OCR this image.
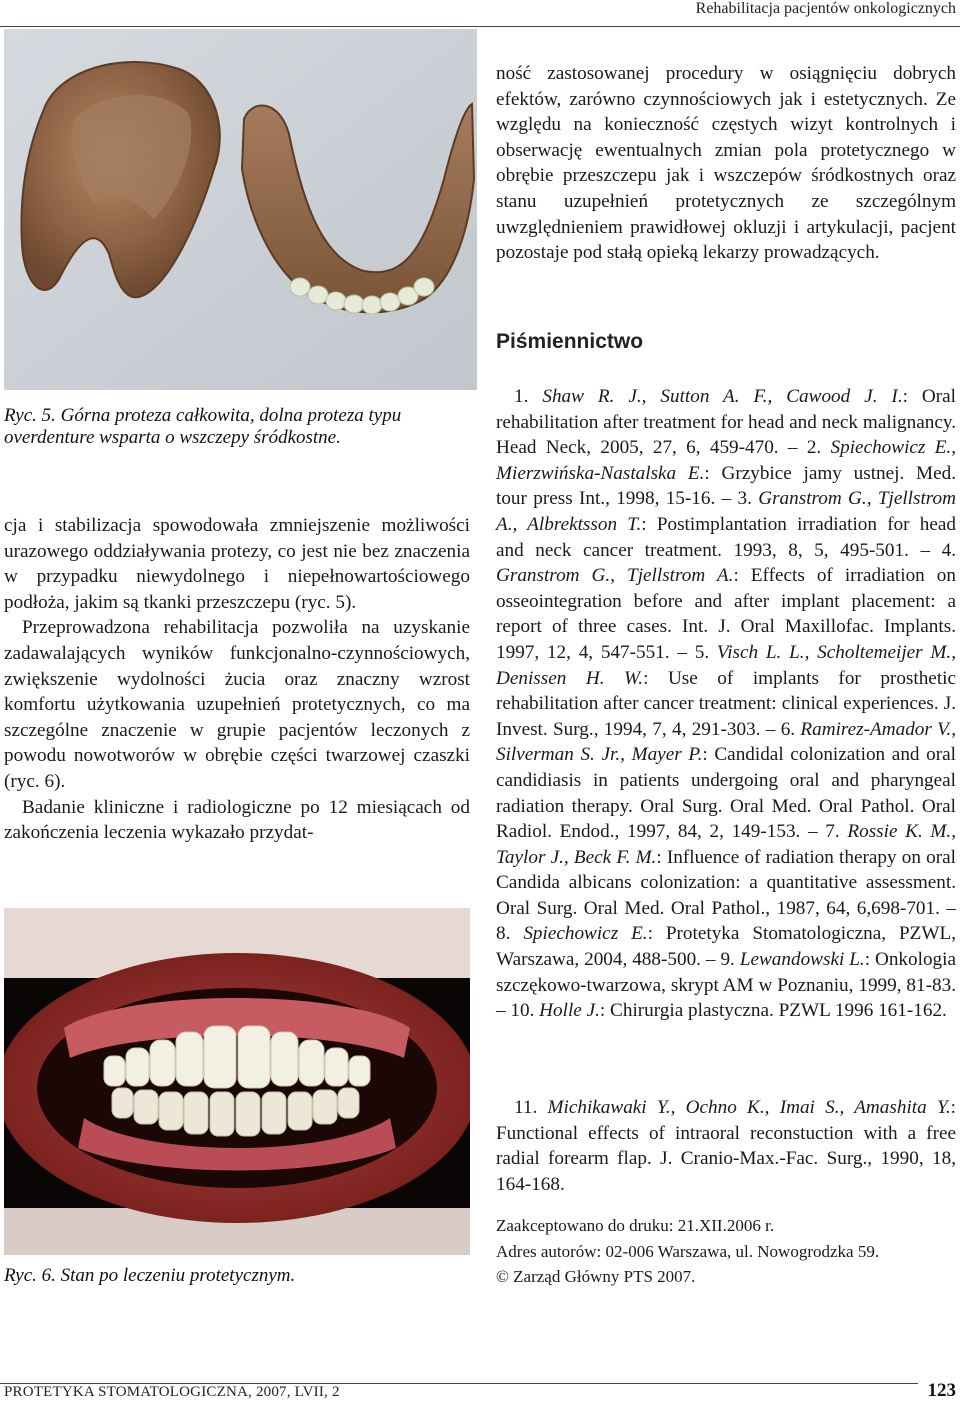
Rehabilitacja pacjentów onkologicznych
Ryc. 5. Górna proteza całkowita, dolna proteza typu overdenture wsparta o wszczepy śródkostne.

cja i stabilizacja spowodowała zmniejszenie możliwości urazowego oddziaływania protezy, co jest nie bez znaczenia w przypadku niewydolnego i niepełnowartościowego podłoża, jakim są tkanki przeszczepu (ryc. 5).

Przeprowadzona rehabilitacja pozwoliła na uzyskanie zadawalających wyników funkcjonalno-czynnościowych, zwiększenie wydolności żucia oraz znaczny wzrost komfortu użytkowania uzupełnień protetycznych, co ma szczególne znaczenie w grupie pacjentów leczonych z powodu nowotworów w obrębie części twarzowej czaszki (ryc. 6).

Badanie kliniczne i radiologiczne po 12 miesiącach od zakończenia leczenia wykazało przydat-

Ryc. 6. Stan po leczeniu protetycznym.

ność zastosowanej procedury w osiągnięciu dobrych efektów, zarówno czynnościowych jak i estetycznych. Ze względu na konieczność częstych wizyt kontrolnych i obserwację ewentualnych zmian pola protetycznego w obrębie przeszczepu jak i wszczepów śródkostnych oraz stanu uzupełnień protetycznych ze szczególnym uwzględnieniem prawidłowej okluzji i artykulacji, pacjent pozostaje pod stałą opieką lekarzy prowadzących.

Piśmiennictwo
1. Shaw R. J., Sutton A. F., Cawood J. I.: Oral rehabilitation after treatment for head and neck malignancy. Head Neck, 2005, 27, 6, 459-470. – 2. Spiechowicz E., Mierzwińska-Nastalska E.: Grzybice jamy ustnej. Med. tour press Int., 1998, 15-16. – 3. Granstrom G., Tjellstrom A., Albrektsson T.: Postimplantation irradiation for head and neck cancer treatment. 1993, 8, 5, 495-501. – 4. Granstrom G., Tjellstrom A.: Effects of irradiation on osseointegration before and after implant placement: a report of three cases. Int. J. Oral Maxillofac. Implants. 1997, 12, 4, 547-551. – 5. Visch L. L., Scholtemeijer M., Denissen H. W.: Use of implants for prosthetic rehabilitation after cancer treatment: clinical experiences. J. Invest. Surg., 1994, 7, 4, 291-303. – 6. Ramirez-Amador V., Silverman S. Jr., Mayer P.: Candidal colonization and oral candidiasis in patients undergoing oral and pharyngeal radiation therapy. Oral Surg. Oral Med. Oral Pathol. Oral Radiol. Endod., 1997, 84, 2, 149-153. – 7. Rossie K. M., Taylor J., Beck F. M.: Influence of radiation therapy on oral Candida albicans colonization: a quantitative assessment. Oral Surg. Oral Med. Oral Pathol., 1987, 64, 6,698-701. – 8. Spiechowicz E.: Protetyka Stomatologiczna, PZWL, Warszawa, 2004, 488-500. – 9. Lewandowski L.: Onkologia szczękowo-twarzowa, skrypt AM w Poznaniu, 1999, 81-83. – 10. Holle J.: Chirurgia plastyczna. PZWL 1996 161-162.
11. Michikawaki Y., Ochno K., Imai S., Amashita Y.: Functional effects of intraoral reconstuction with a free radial forearm flap. J. Cranio-Max.-Fac. Surg., 1990, 18, 164-168.
Zaakceptowano do druku: 21.XII.2006 r.
Adres autorów: 02-006 Warszawa, ul. Nowogrodzka 59.
© Zarząd Główny PTS 2007.
PROTETYKA STOMATOLOGICZNA, 2007, LVII, 2	123
